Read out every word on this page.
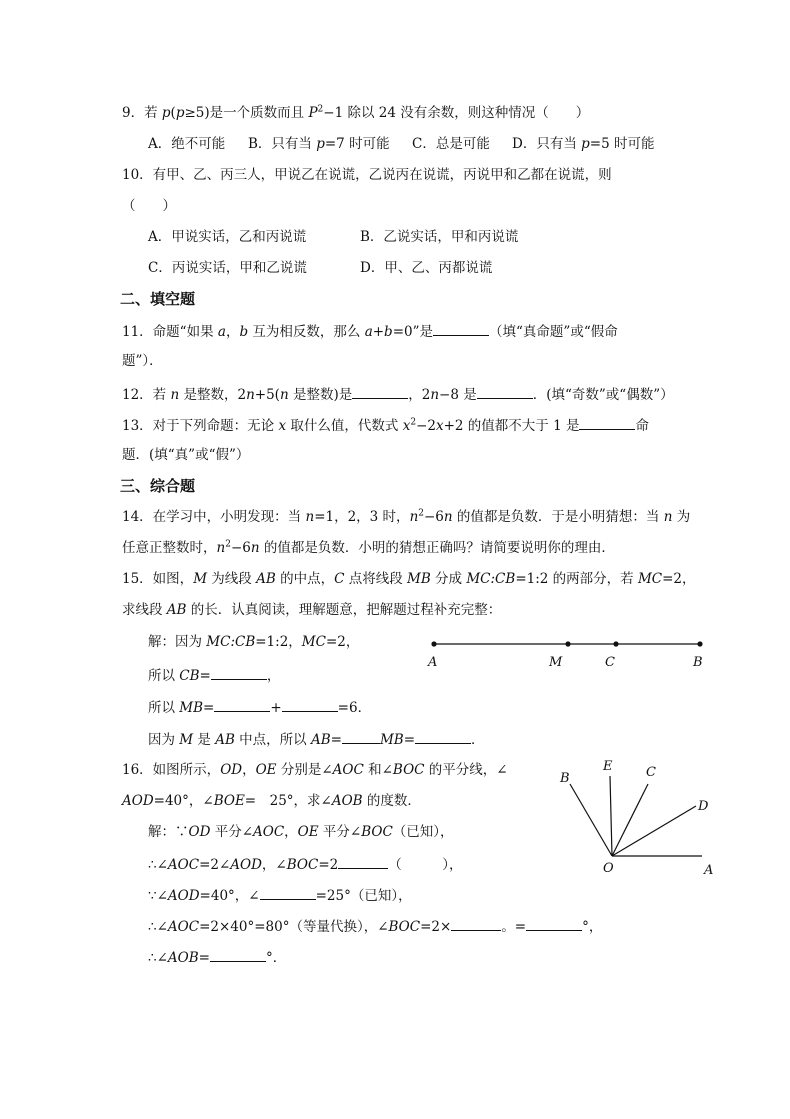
9．若 p(p≥5)是一个质数而且 $P^2-1$ 除以 24 没有余数，则这种情况（　　）
A．绝不可能 B．只有当 p=7 时可能 C．总是可能 D．只有当 p=5 时可能
10．有甲、乙、丙三人，甲说乙在说谎，乙说丙在说谎，丙说甲和乙都在说谎，则
（　　）
A．甲说实话，乙和丙说谎	B．乙说实话，甲和丙说谎
C．丙说实话，甲和乙说谎	D．甲、乙、丙都说谎
二、填空题
11．命题“如果 a，b 互为相反数，那么 a+b=0”是	（填“真命题”或“假命
题”）．
12．若 n 是整数，2n+5(n 是整数)是	，2n−8 是	．(填“奇数”或“偶数”）
13．对于下列命题：无论 x 取什么值，代数式 $x^2-2x+2$ 的值都不大于 1 是	命
题．(填“真”或“假”）
三、综合题
14．在学习中，小明发现：当 n=1，2，3 时，$n^2-6n$ 的值都是负数．于是小明猜想：当 n 为
任意正整数时，$n^2-6n$ 的值都是负数．小明的猜想正确吗？请简要说明你的理由．
15．如图，M 为线段 AB 的中点，C 点将线段 MB 分成 MC:CB=1:2 的两部分，若 MC=2，
求线段 AB 的长．认真阅读，理解题意，把解题过程补充完整：
解：因为 MC:CB=1:2，MC=2，
所以 CB=	，
所以 MB=	+	=6．
因为 M 是 AB 中点，所以 AB=	MB=	．
A	M	C	B
16．如图所示，OD，OE 分别是∠AOC 和∠BOC 的平分线，∠
AOD=40°，∠BOE=　25°，求∠AOB 的度数．
解：∵OD 平分∠AOC，OE 平分∠BOC（已知），
∴∠AOC=2∠AOD，∠BOC=2	（　　　），
∵∠AOD=40°，∠	=25°（已知），
∴∠AOC=2×40°=80°（等量代换），∠BOC=2×	。=	°，
∴∠AOB=	°．
B
E	C
D
O	A
